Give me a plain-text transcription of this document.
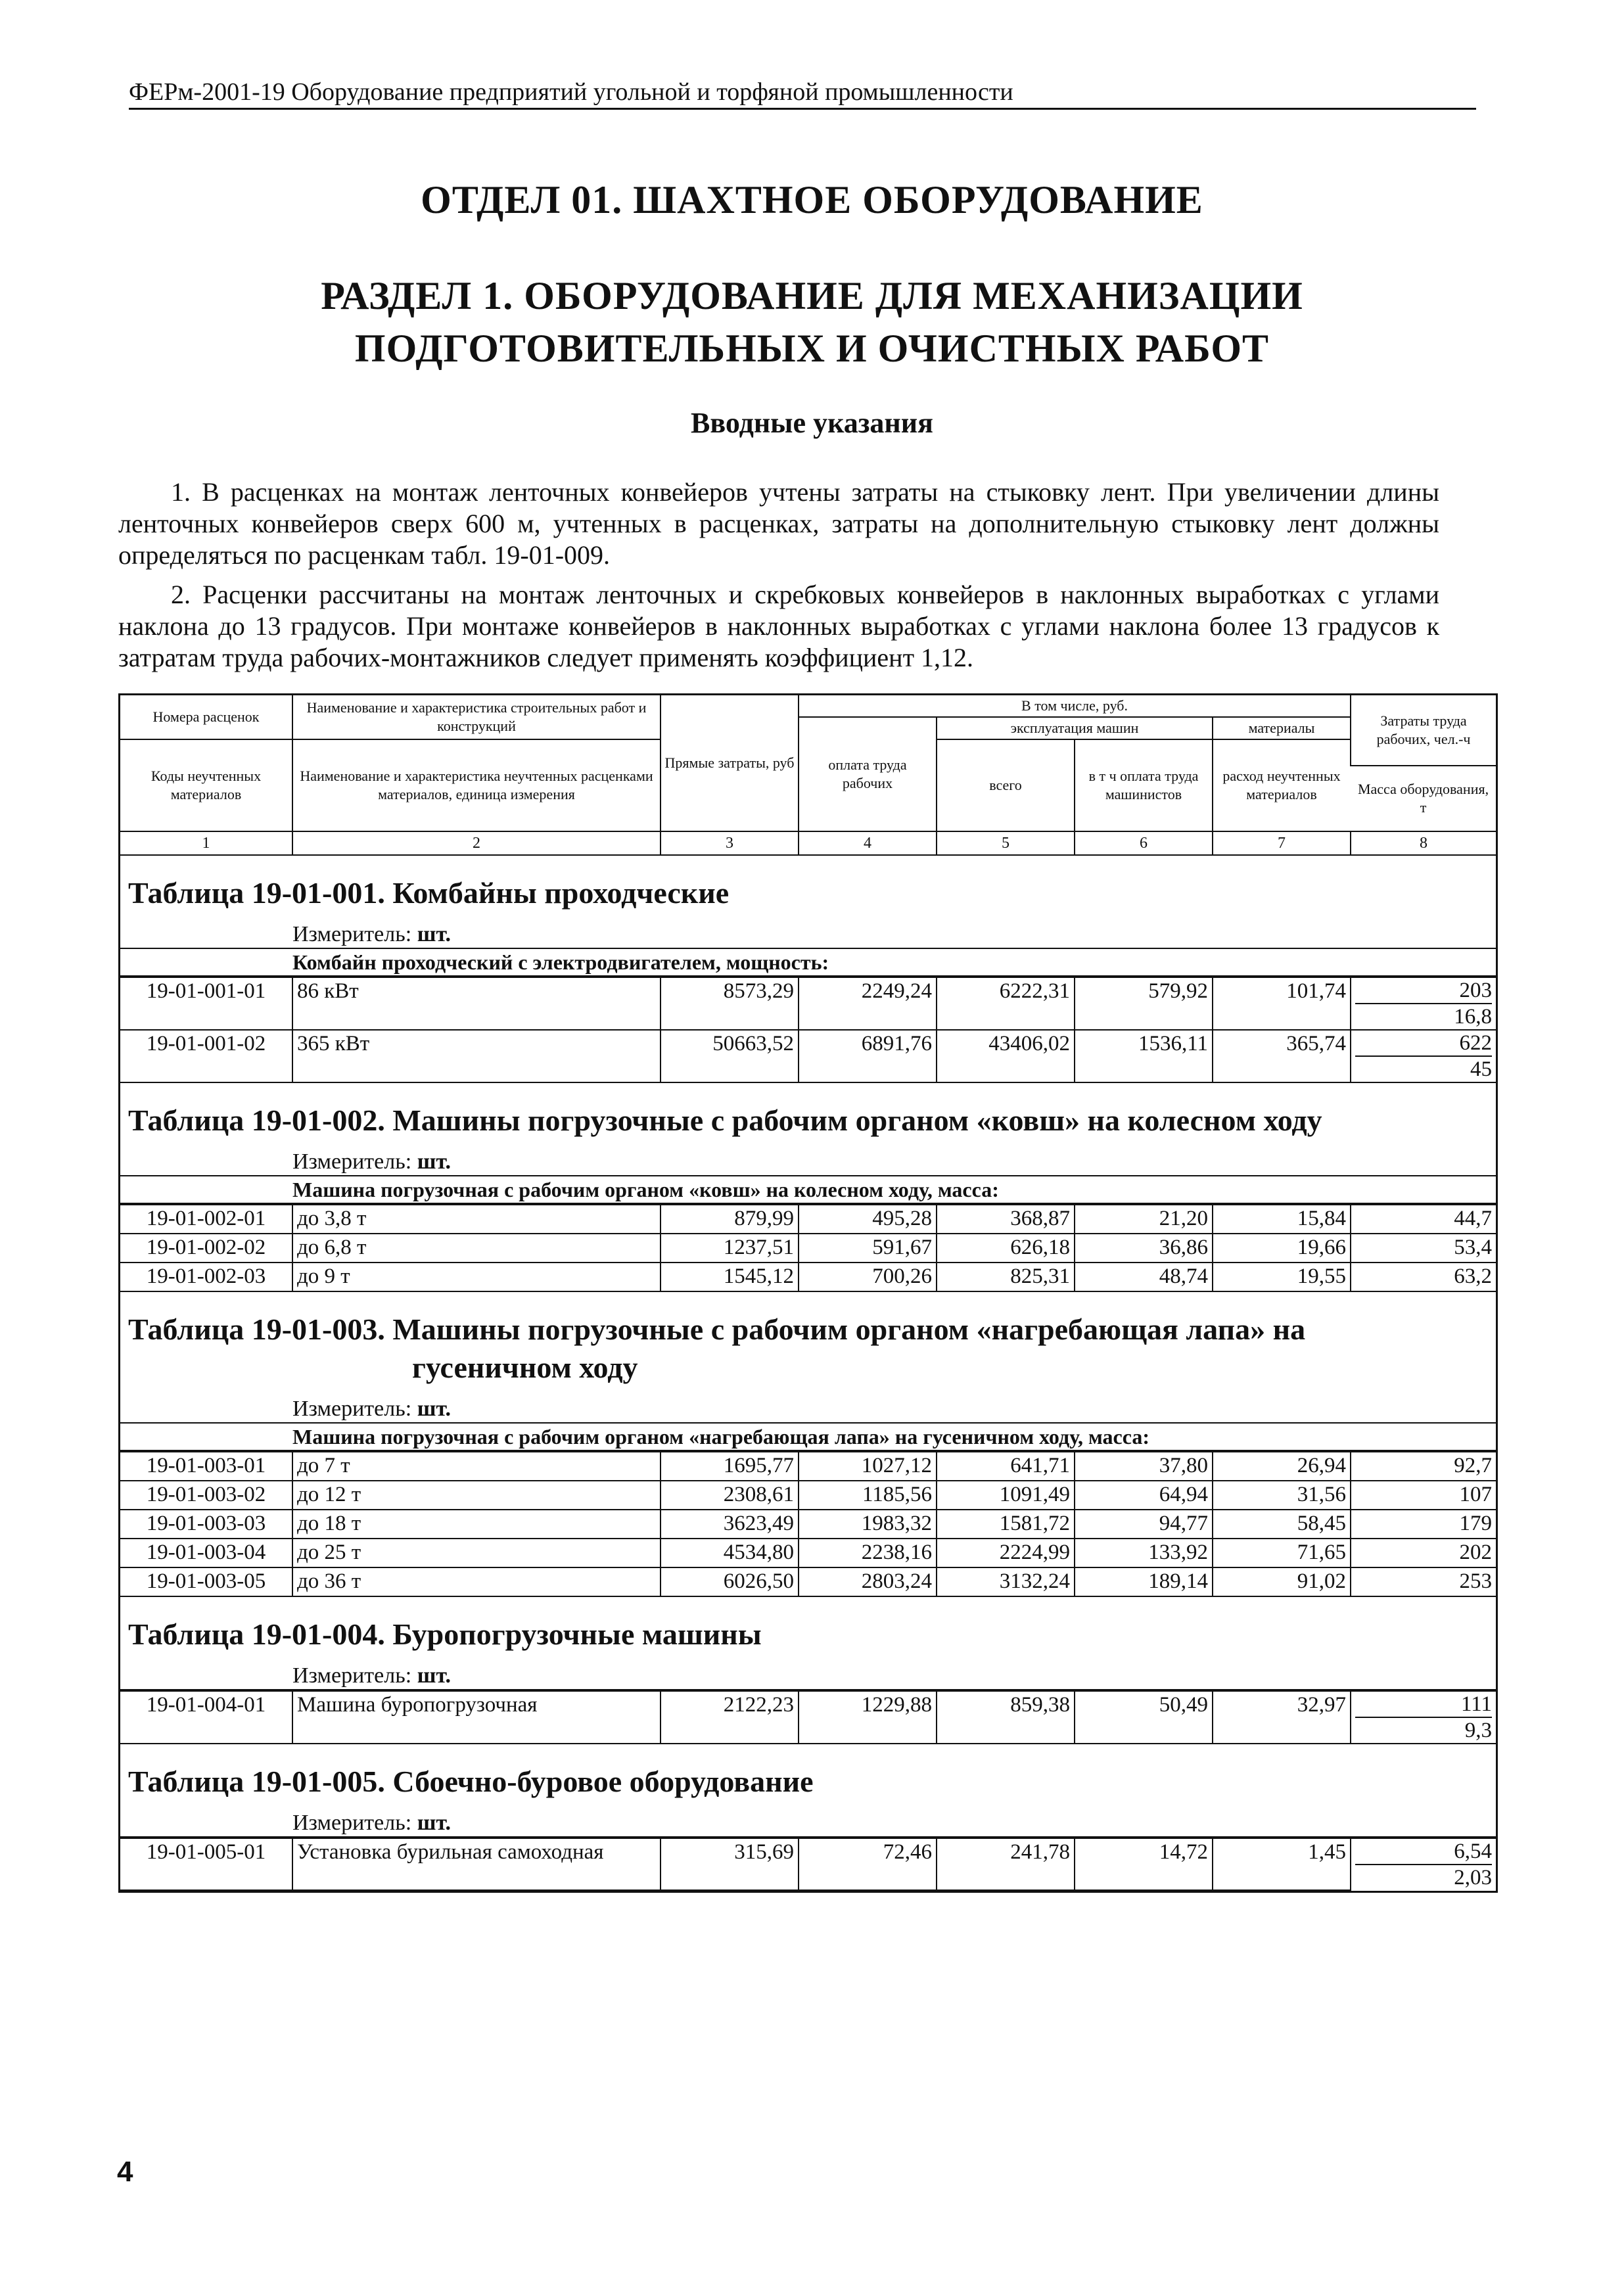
ФЕРм-2001-19 Оборудование предприятий угольной и торфяной промышленности
ОТДЕЛ 01. ШАХТНОЕ ОБОРУДОВАНИЕ
РАЗДЕЛ 1. ОБОРУДОВАНИЕ ДЛЯ МЕХАНИЗАЦИИ
ПОДГОТОВИТЕЛЬНЫХ И ОЧИСТНЫХ РАБОТ
Вводные указания

1. В расценках на монтаж ленточных конвейеров учтены затраты на стыковку лент. При увеличении длины ленточных конвейеров сверх 600 м, учтенных в расценках, затраты на дополнительную стыковку лент должны определяться по расценкам табл. 19-01-009.

2. Расценки рассчитаны на монтаж ленточных и скребковых конвейеров в наклонных выработках с углами наклона до 13 градусов. При монтаже конвейеров в наклонных выработках с углами наклона более 13 градусов к затратам труда рабочих-монтажников следует применять коэффициент 1,12.

Номера расценок	Наименование и характеристика строительных работ и конструкций	Прямые затраты, руб	В том числе, руб.				Затраты труда рабочих, чел.-ч
			оплата труда рабочих	эксплуатация машин		материалы	
Коды неучтенных материалов	Наименование и характеристика неучтенных расценками материалов, единица измерения			всего	в т ч оплата труда машинистов	расход неучтенных материалов	
							Масса оборудования, т
1	2	3	4	5	6	7	8
Таблица 19-01-001. Комбайны проходческие
Измеритель: шт.
Комбайн проходческий с электродвигателем, мощность:
19-01-001-01	86 кВт	8573,29	2249,24	6222,31	579,92	101,74	203
16,8

19-01-001-02	365 кВт	50663,52	6891,76	43406,02	1536,11	365,74	622
45
Таблица 19-01-002. Машины погрузочные с рабочим органом «ковш» на колесном ходу
Измеритель: шт.
Машина погрузочная с рабочим органом «ковш» на колесном ходу, масса:
19-01-002-01	до 3,8 т	879,99	495,28	368,87	21,20	15,84	44,7
19-01-002-02	до 6,8 т	1237,51	591,67	626,18	36,86	19,66	53,4
19-01-002-03	до 9 т	1545,12	700,26	825,31	48,74	19,55	63,2
Таблица 19-01-003. Машины погрузочные с рабочим органом «нагребающая лапа» на
гусеничном ходу
Измеритель: шт.
Машина погрузочная с рабочим органом «нагребающая лапа» на гусеничном ходу, масса:
19-01-003-01	до 7 т	1695,77	1027,12	641,71	37,80	26,94	92,7
19-01-003-02	до 12 т	2308,61	1185,56	1091,49	64,94	31,56	107
19-01-003-03	до 18 т	3623,49	1983,32	1581,72	94,77	58,45	179
19-01-003-04	до 25 т	4534,80	2238,16	2224,99	133,92	71,65	202
19-01-003-05	до 36 т	6026,50	2803,24	3132,24	189,14	91,02	253
Таблица 19-01-004. Буропогрузочные машины
Измеритель: шт.
19-01-004-01	Машина буропогрузочная	2122,23	1229,88	859,38	50,49	32,97	111
9,3
Таблица 19-01-005. Сбоечно-буровое оборудование
Измеритель: шт.
19-01-005-01	Установка бурильная самоходная	315,69	72,46	241,78	14,72	1,45	6,54
2,03
4
